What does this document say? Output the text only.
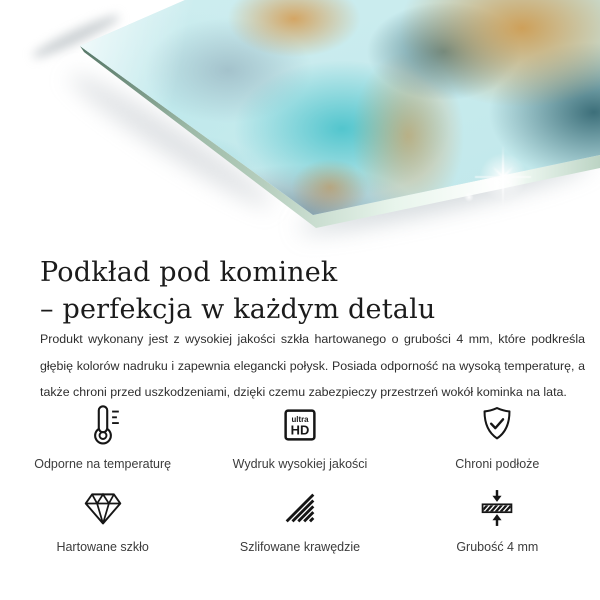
Podkład pod kominek
– perfekcja w każdym detalu

Produkt wykonany jest z wysokiej jakości szkła hartowanego o grubości 4 mm, które podkreśla głębię kolorów nadruku i zapewnia elegancki połysk. Posiada odporność na wysoką temperaturę, a także chroni przed uszkodzeniami, dzięki czemu zabezpieczy przestrzeń wokół kominka na lata.

Odporne na temperaturę
ultra
HD
Wydruk wysokiej jakości	Chroni podłoże
Hartowane szkło	Szlifowane krawędzie	Grubość 4 mm
